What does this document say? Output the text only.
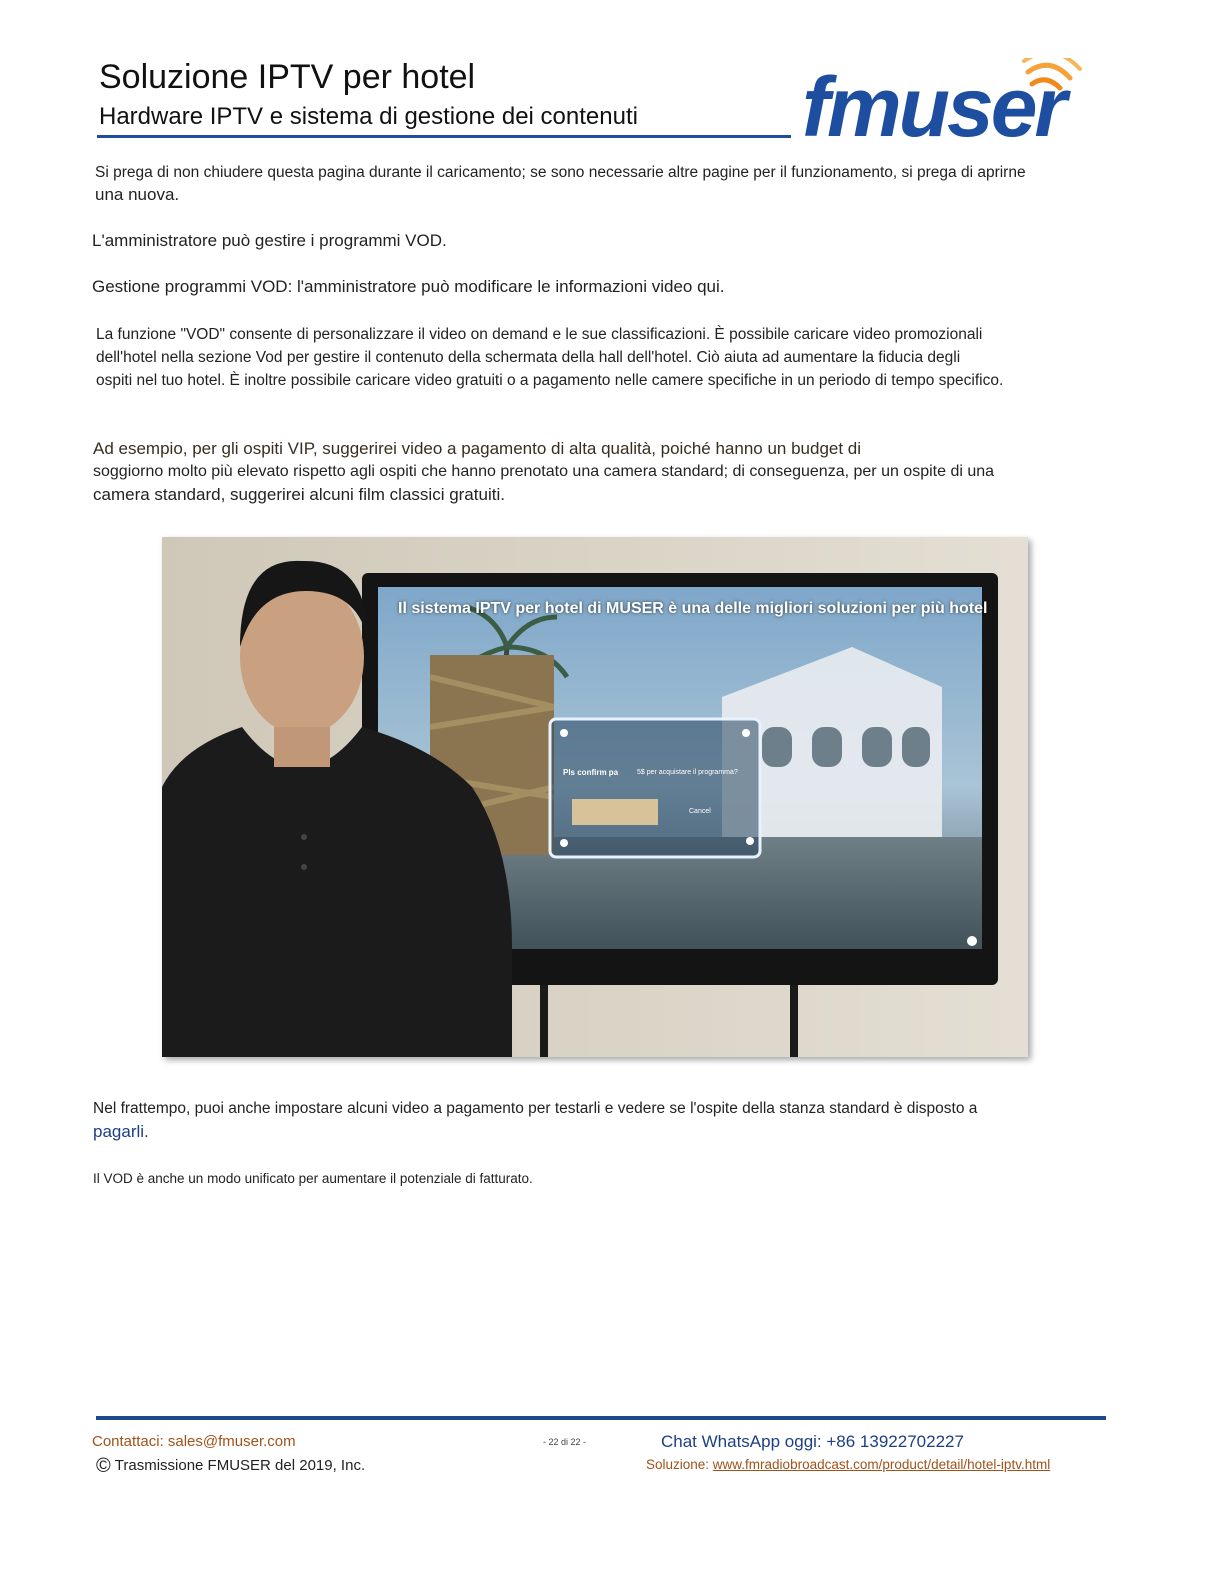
Soluzione IPTV per hotel
Hardware IPTV e sistema di gestione dei contenuti fmuser
Si prega di non chiudere questa pagina durante il caricamento; se sono necessarie altre pagine per il funzionamento, si prega di aprirne
una nuova.
L'amministratore può gestire i programmi VOD.
Gestione programmi VOD: l'amministratore può modificare le informazioni video qui.
La funzione "VOD" consente di personalizzare il video on demand e le sue classificazioni. È possibile caricare video promozionali
dell'hotel nella sezione Vod per gestire il contenuto della schermata della hall dell'hotel. Ciò aiuta ad aumentare la fiducia degli
ospiti nel tuo hotel. È inoltre possibile caricare video gratuiti o a pagamento nelle camere specifiche in un periodo di tempo specifico.
Ad esempio, per gli ospiti VIP, suggerirei video a pagamento di alta qualità, poiché hanno un budget di
soggiorno molto più elevato rispetto agli ospiti che hanno prenotato una camera standard; di conseguenza, per un ospite di una
camera standard, suggerirei alcuni film classici gratuiti.
Il sistema IPTV per hotel di MUSER è una delle migliori soluzioni per più hotel
Pls confirm pa	5$ per acquistare il programma?
Cancel
Nel frattempo, puoi anche impostare alcuni video a pagamento per testarli e vedere se l'ospite della stanza standard è disposto a
pagarli.
Il VOD è anche un modo unificato per aumentare il potenziale di fatturato.
Contattaci: sales@fmuser.com
© Trasmissione FMUSER del 2019, Inc.
- 22 di 22 -	Chat WhatsApp oggi: +86 13922702227
Soluzione: www.fmradiobroadcast.com/product/detail/hotel-iptv.html
